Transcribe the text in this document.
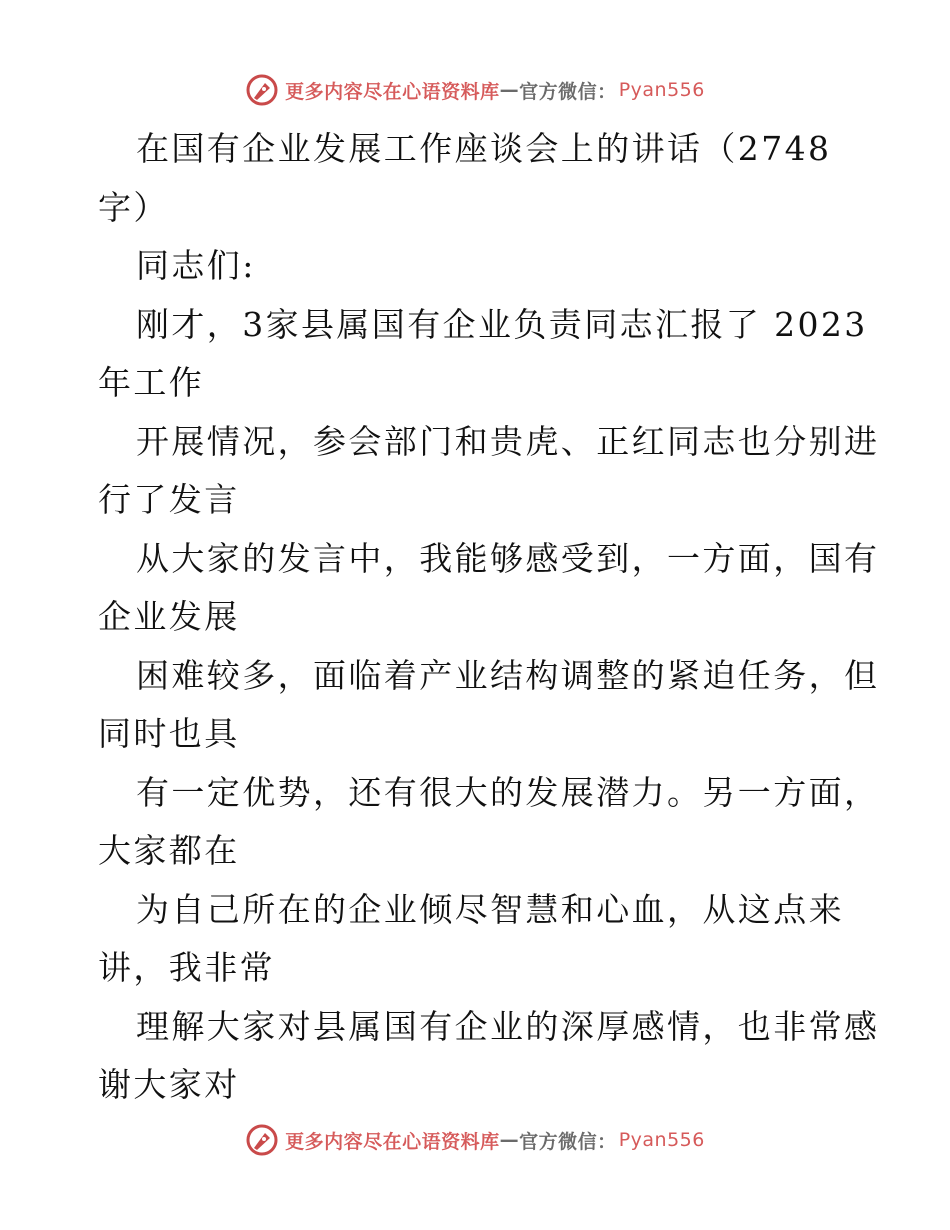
更多内容尽在心语资料库 — 官方微信： Pyan556
在国有企业发展工作座谈会上的讲话（2748
字）
同志们:
刚才，3家县属国有企业负责同志汇报了 2023
年工作
开展情况，参会部门和贵虎、正红同志也分别进
行了发言
从大家的发言中，我能够感受到，一方面，国有
企业发展
困难较多，面临着产业结构调整的紧迫任务，但
同时也具
有一定优势，还有很大的发展潜力。另一方面，
大家都在
为自己所在的企业倾尽智慧和心血，从这点来
讲，我非常
理解大家对县属国有企业的深厚感情，也非常感
谢大家对
更多内容尽在心语资料库 — 官方微信： Pyan556
